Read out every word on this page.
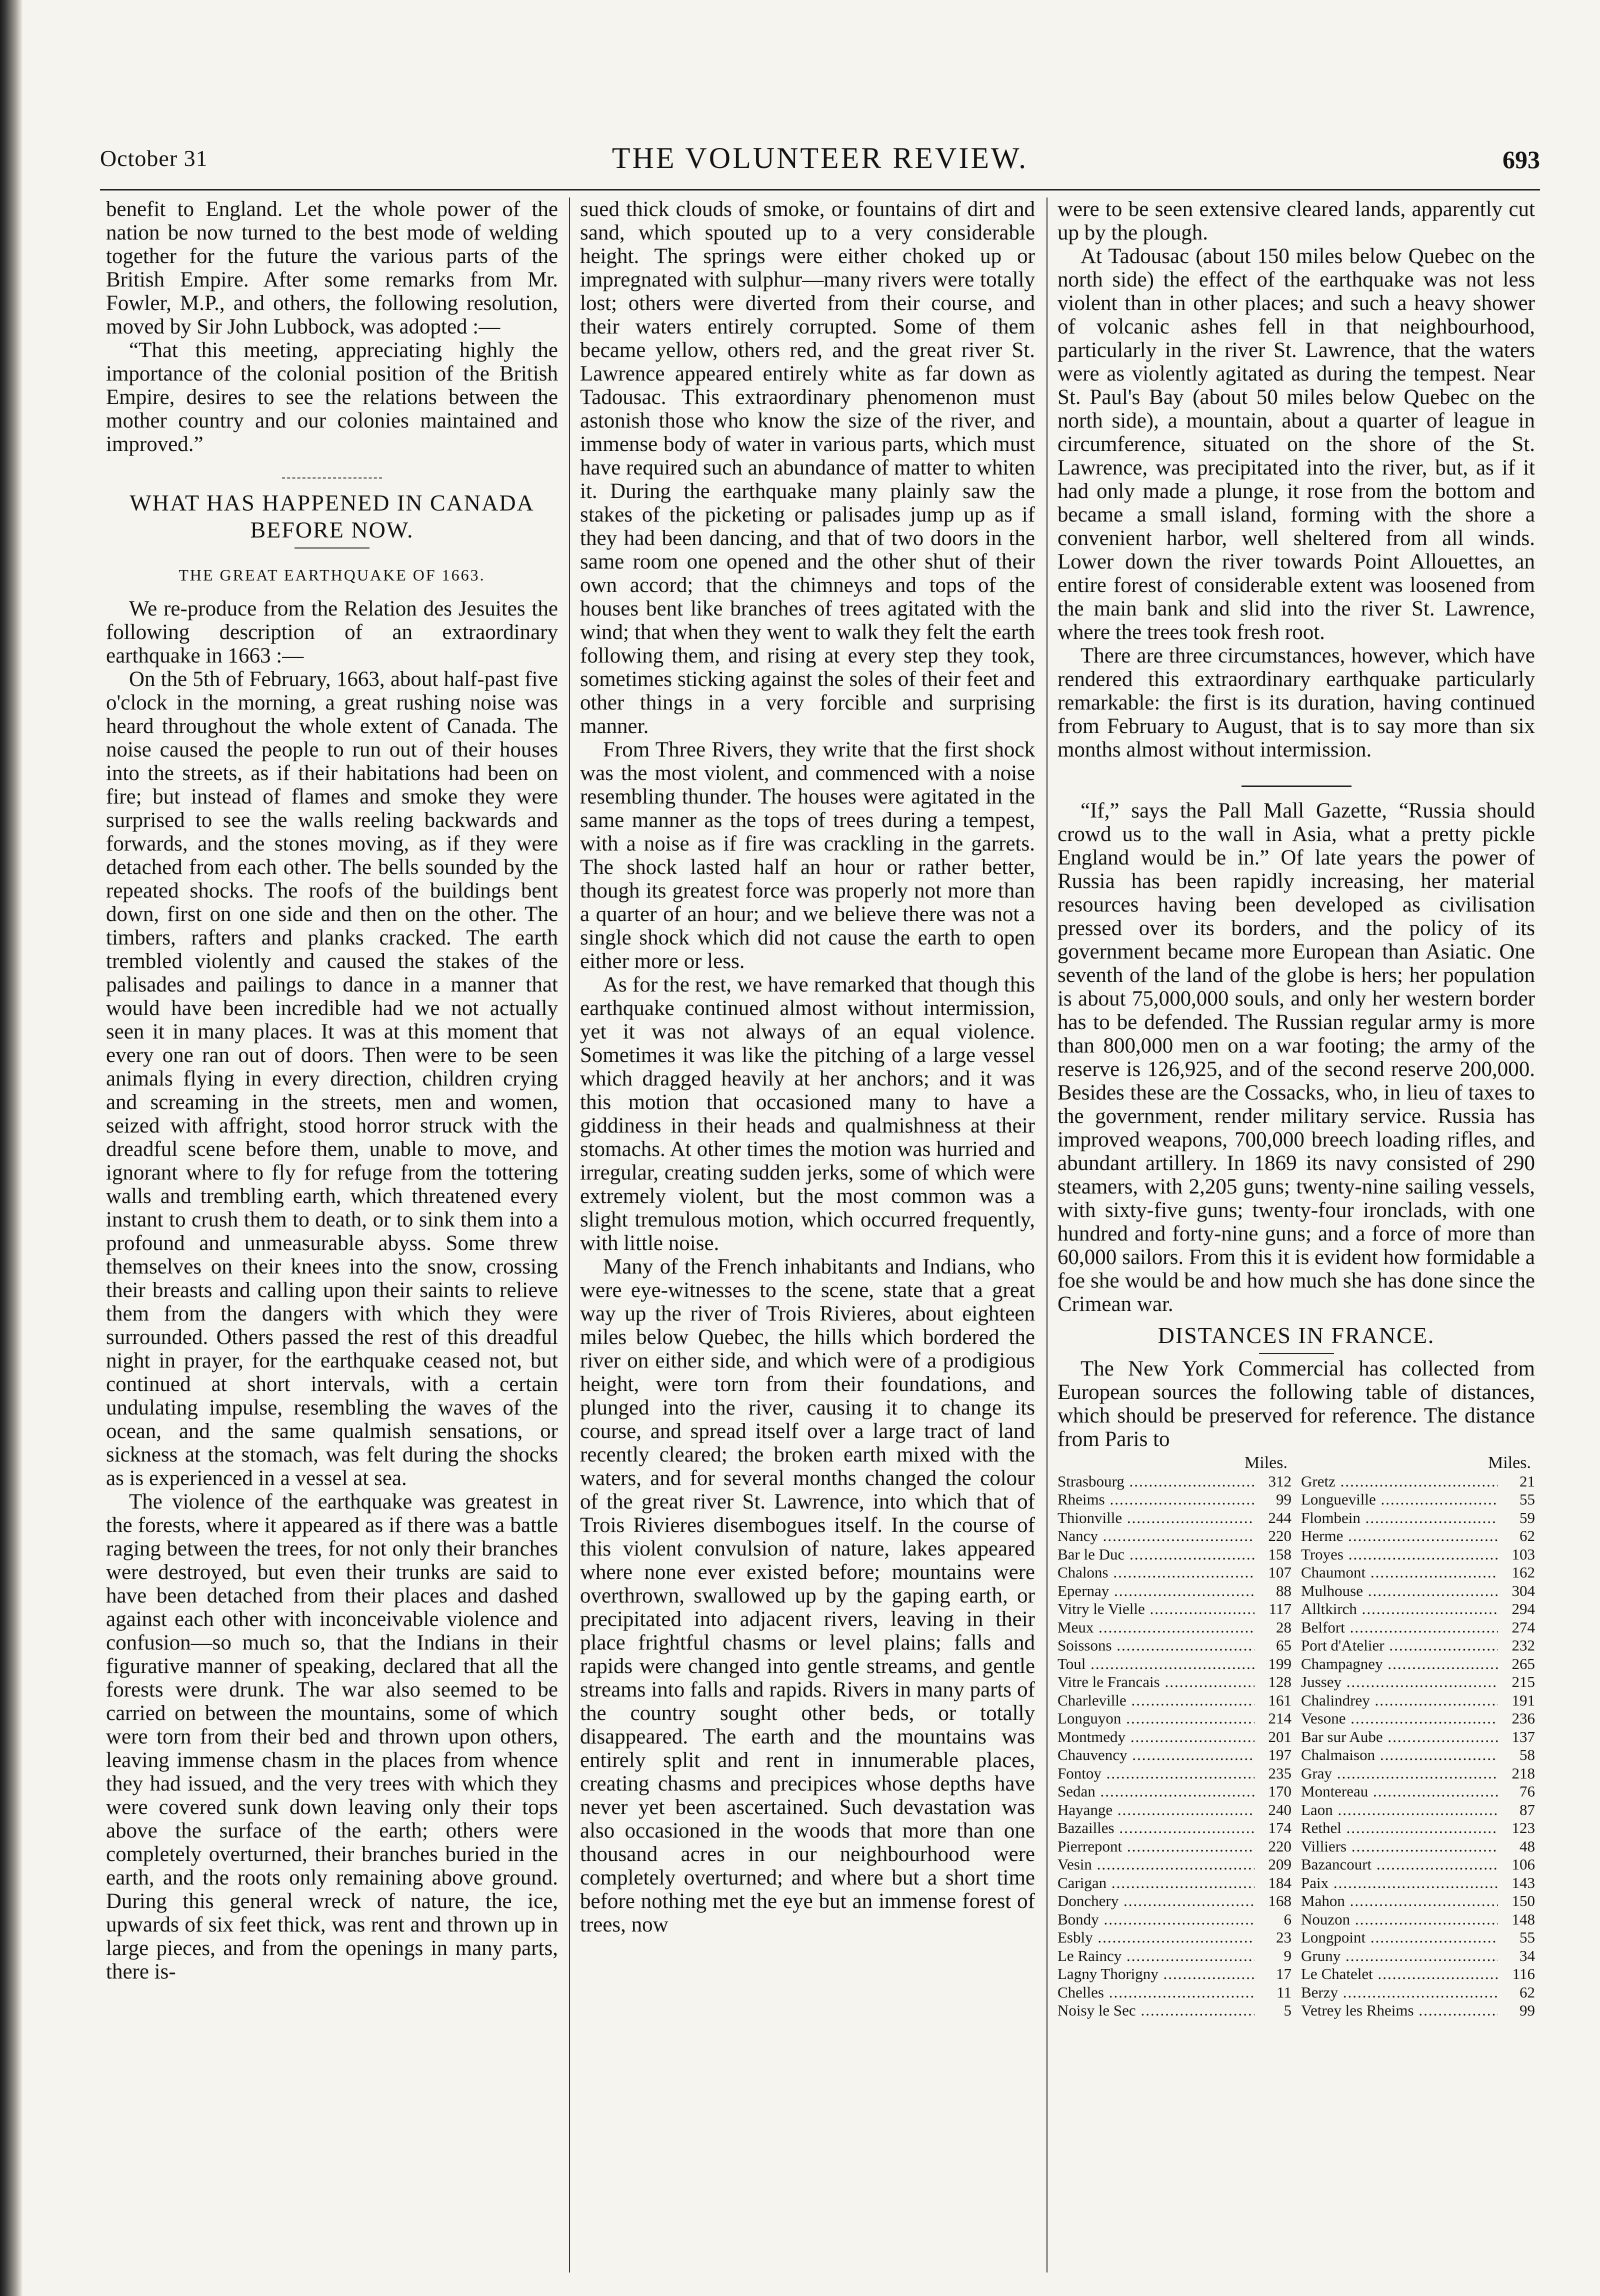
October 31	THE VOLUNTEER REVIEW.	693

benefit to England. Let the whole power of the nation be now turned to the best mode of welding together for the future the various parts of the British Empire. After some remarks from Mr. Fowler, M.P., and others, the following resolution, moved by Sir John Lubbock, was adopted :—

“That this meeting, appreciating highly the importance of the colonial position of the British Empire, desires to see the relations between the mother country and our colonies maintained and improved.”

WHAT HAS HAPPENED IN CANADA BEFORE NOW.
THE GREAT EARTHQUAKE OF 1663.

We re-produce from the Relation des Jesuites the following description of an extraordinary earthquake in 1663 :—

On the 5th of February, 1663, about half-past five o'clock in the morning, a great rushing noise was heard throughout the whole extent of Canada. The noise caused the people to run out of their houses into the streets, as if their habitations had been on fire; but instead of flames and smoke they were surprised to see the walls reeling backwards and forwards, and the stones moving, as if they were detached from each other. The bells sounded by the repeated shocks. The roofs of the buildings bent down, first on one side and then on the other. The timbers, rafters and planks cracked. The earth trembled violently and caused the stakes of the palisades and pailings to dance in a manner that would have been incredible had we not actually seen it in many places. It was at this moment that every one ran out of doors. Then were to be seen animals flying in every direction, children crying and screaming in the streets, men and women, seized with affright, stood horror struck with the dreadful scene before them, unable to move, and ignorant where to fly for refuge from the tottering walls and trembling earth, which threatened every instant to crush them to death, or to sink them into a profound and unmeasurable abyss. Some threw themselves on their knees into the snow, crossing their breasts and calling upon their saints to relieve them from the dangers with which they were surrounded. Others passed the rest of this dreadful night in prayer, for the earthquake ceased not, but continued at short intervals, with a certain undulating impulse, resembling the waves of the ocean, and the same qualmish sensations, or sickness at the stomach, was felt during the shocks as is experienced in a vessel at sea.

The violence of the earthquake was greatest in the forests, where it appeared as if there was a battle raging between the trees, for not only their branches were destroyed, but even their trunks are said to have been detached from their places and dashed against each other with inconceivable violence and confusion—so much so, that the Indians in their figurative manner of speaking, declared that all the forests were drunk. The war also seemed to be carried on between the mountains, some of which were torn from their bed and thrown upon others, leaving immense chasm in the places from whence they had issued, and the very trees with which they were covered sunk down leaving only their tops above the surface of the earth; others were completely overturned, their branches buried in the earth, and the roots only remaining above ground. During this general wreck of nature, the ice, upwards of six feet thick, was rent and thrown up in large pieces, and from the openings in many parts, there is-

sued thick clouds of smoke, or fountains of dirt and sand, which spouted up to a very considerable height. The springs were either choked up or impregnated with sulphur—many rivers were totally lost; others were diverted from their course, and their waters entirely corrupted. Some of them became yellow, others red, and the great river St. Lawrence appeared entirely white as far down as Tadousac. This extraordinary phenomenon must astonish those who know the size of the river, and immense body of water in various parts, which must have required such an abundance of matter to whiten it. During the earthquake many plainly saw the stakes of the picketing or palisades jump up as if they had been dancing, and that of two doors in the same room one opened and the other shut of their own accord; that the chimneys and tops of the houses bent like branches of trees agitated with the wind; that when they went to walk they felt the earth following them, and rising at every step they took, sometimes sticking against the soles of their feet and other things in a very forcible and surprising manner.

From Three Rivers, they write that the first shock was the most violent, and commenced with a noise resembling thunder. The houses were agitated in the same manner as the tops of trees during a tempest, with a noise as if fire was crackling in the garrets. The shock lasted half an hour or rather better, though its greatest force was properly not more than a quarter of an hour; and we believe there was not a single shock which did not cause the earth to open either more or less.

As for the rest, we have remarked that though this earthquake continued almost without intermission, yet it was not always of an equal violence. Sometimes it was like the pitching of a large vessel which dragged heavily at her anchors; and it was this motion that occasioned many to have a giddiness in their heads and qualmishness at their stomachs. At other times the motion was hurried and irregular, creating sudden jerks, some of which were extremely violent, but the most common was a slight tremulous motion, which occurred frequently, with little noise.

Many of the French inhabitants and Indians, who were eye-witnesses to the scene, state that a great way up the river of Trois Rivieres, about eighteen miles below Quebec, the hills which bordered the river on either side, and which were of a prodigious height, were torn from their foundations, and plunged into the river, causing it to change its course, and spread itself over a large tract of land recently cleared; the broken earth mixed with the waters, and for several months changed the colour of the great river St. Lawrence, into which that of Trois Rivieres disembogues itself. In the course of this violent convulsion of nature, lakes appeared where none ever existed before; mountains were overthrown, swallowed up by the gaping earth, or precipitated into adjacent rivers, leaving in their place frightful chasms or level plains; falls and rapids were changed into gentle streams, and gentle streams into falls and rapids. Rivers in many parts of the country sought other beds, or totally disappeared. The earth and the mountains was entirely split and rent in innumerable places, creating chasms and precipices whose depths have never yet been ascertained. Such devastation was also occasioned in the woods that more than one thousand acres in our neighbourhood were completely overturned; and where but a short time before nothing met the eye but an immense forest of trees, now

were to be seen extensive cleared lands, apparently cut up by the plough.

At Tadousac (about 150 miles below Quebec on the north side) the effect of the earthquake was not less violent than in other places; and such a heavy shower of volcanic ashes fell in that neighbourhood, particularly in the river St. Lawrence, that the waters were as violently agitated as during the tempest. Near St. Paul's Bay (about 50 miles below Quebec on the north side), a mountain, about a quarter of league in circumference, situated on the shore of the St. Lawrence, was precipitated into the river, but, as if it had only made a plunge, it rose from the bottom and became a small island, forming with the shore a convenient harbor, well sheltered from all winds. Lower down the river towards Point Allouettes, an entire forest of considerable extent was loosened from the main bank and slid into the river St. Lawrence, where the trees took fresh root.

There are three circumstances, however, which have rendered this extraordinary earthquake particularly remarkable: the first is its duration, having continued from February to August, that is to say more than six months almost without intermission.

“If,” says the Pall Mall Gazette, “Russia should crowd us to the wall in Asia, what a pretty pickle England would be in.” Of late years the power of Russia has been rapidly increasing, her material resources having been developed as civilisation pressed over its borders, and the policy of its government became more European than Asiatic. One seventh of the land of the globe is hers; her population is about 75,000,000 souls, and only her western border has to be defended. The Russian regular army is more than 800,000 men on a war footing; the army of the reserve is 126,925, and of the second reserve 200,000. Besides these are the Cossacks, who, in lieu of taxes to the government, render military service. Russia has improved weapons, 700,000 breech loading rifles, and abundant artillery. In 1869 its navy consisted of 290 steamers, with 2,205 guns; twenty-nine sailing vessels, with sixty-five guns; twenty-four ironclads, with one hundred and forty-nine guns; and a force of more than 60,000 sailors. From this it is evident how formidable a foe she would be and how much she has done since the Crimean war.

DISTANCES IN FRANCE.

The New York Commercial has collected from European sources the following table of distances, which should be preserved for reference. The distance from Paris to

Miles.
Strasbourg .....	312
Rheims .....	99
Thionville .....	244
Nancy .....	220
Bar le Duc .....	158
Chalons .....	107
Epernay .....	88
Vitry le Vielle .....	117
Meux .....	28
Soissons .....	65
Toul .....	199
Vitre le Francais .....	128
Charleville .....	161
Longuyon .....	214
Montmedy .....	201
Chauvency .....	197
Fontoy .....	235
Sedan .....	170
Hayange .....	240
Bazailles .....	174
Pierrepont .....	220
Vesin .....	209
Carigan .....	184
Donchery .....	168
Bondy .....	6
Esbly .....	23
Le Raincy .....	9
Lagny Thorigny .....	17
Chelles .....	11
Noisy le Sec .....	5
Miles.
Gretz .....	21
Longueville .....	55
Flombein .....	59
Herme .....	62
Troyes .....	103
Chaumont .....	162
Mulhouse .....	304
Alltkirch .....	294
Belfort .....	274
Port d'Atelier .....	232
Champagney .....	265
Jussey .....	215
Chalindrey .....	191
Vesone .....	236
Bar sur Aube .....	137
Chalmaison .....	58
Gray .....	218
Montereau .....	76
Laon .....	87
Rethel .....	123
Villiers .....	48
Bazancourt .....	106
Paix .....	143
Mahon .....	150
Nouzon .....	148
Longpoint .....	55
Gruny .....	34
Le Chatelet .....	116
Berzy .....	62
Vetrey les Rheims .....	99
